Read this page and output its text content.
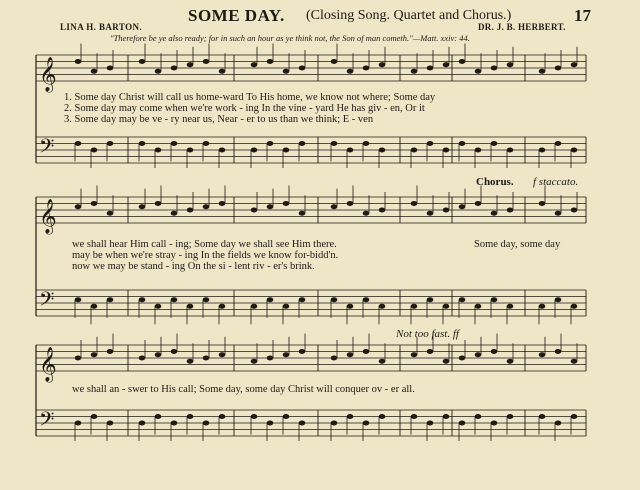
SOME DAY. (Closing Song. Quartet and Chorus.)	17
LINA H. BARTON.	DR. J. B. HERBERT.
"Therefore be ye also ready; for in such an hour as ye think not, the Son of man cometh."—Matt. xxiv: 44.
𝄞
𝄢
𝄞
𝄢
𝄞
𝄢
1. Some day Christ will call us home-ward To His home, we know not where; Some day
2. Some day may come when we're work - ing In the vine - yard He has giv - en, Or it
3. Some day may be ve - ry near us, Near - er to us than we think; E - ven
Chorus. f staccato.
we shall hear Him call - ing; Some day we shall see Him there.
may be when we're stray - ing In the fields we know for-bidd'n.
now we may be stand - ing On the si - lent riv - er's brink.
Some day, some day
Not too fast. ff
we shall an - swer to His call; Some day, some day Christ will conquer ov - er all.
